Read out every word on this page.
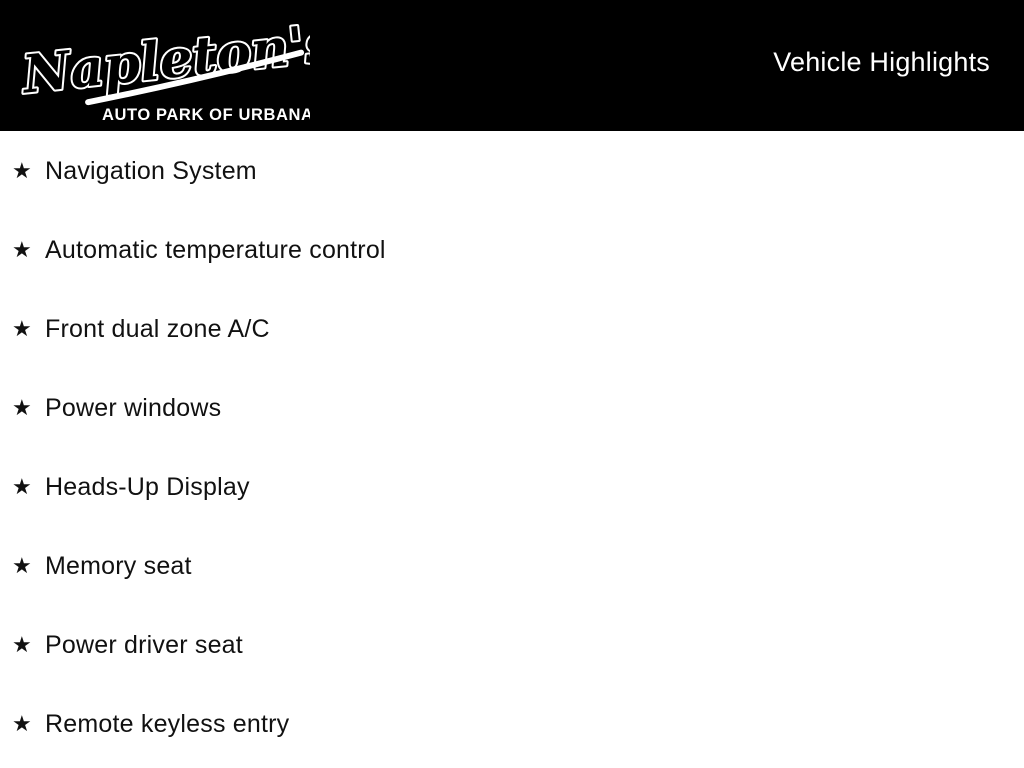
Napleton's
AUTO PARK OF URBANA
Vehicle Highlights
★ Navigation System
★ Automatic temperature control
★ Front dual zone A/C
★ Power windows
★ Heads-Up Display
★ Memory seat
★ Power driver seat
★ Remote keyless entry
